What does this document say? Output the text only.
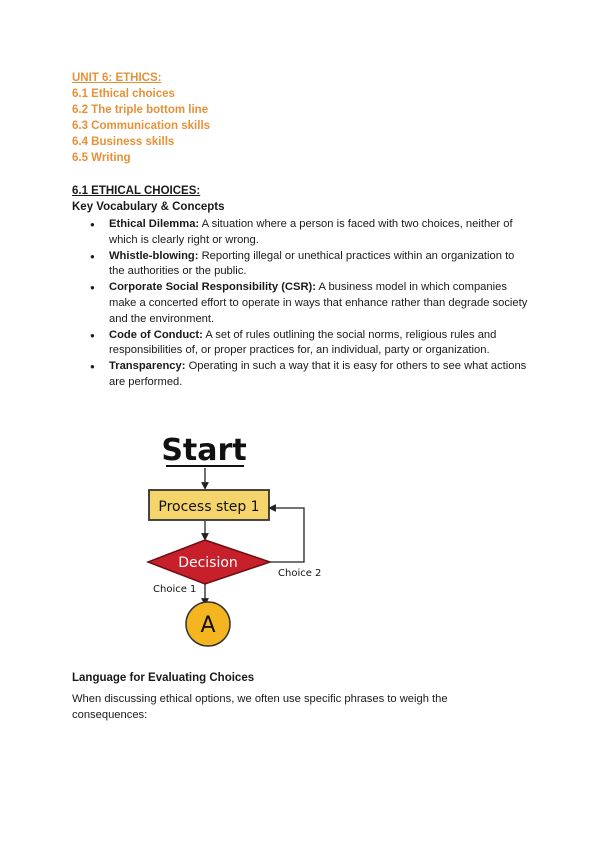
UNIT 6: ETHICS:
6.1 Ethical choices
6.2 The triple bottom line
6.3 Communication skills
6.4 Business skills
6.5 Writing
6.1 ETHICAL CHOICES:
Key Vocabulary & Concepts
● Ethical Dilemma: A situation where a person is faced with two choices, neither of which is clearly right or wrong.
● Whistle-blowing: Reporting illegal or unethical practices within an organization to the authorities or the public.
● Corporate Social Responsibility (CSR): A business model in which companies make a concerted effort to operate in ways that enhance rather than degrade society and the environment.
● Code of Conduct: A set of rules outlining the social norms, religious rules and responsibilities of, or proper practices for, an individual, party or organization.
● Transparency: Operating in such a way that it is easy for others to see what actions are performed.
Start
Process step 1
Decision
Choice 2
Choice 1
A
Language for Evaluating Choices
When discussing ethical options, we often use specific phrases to weigh the consequences:
